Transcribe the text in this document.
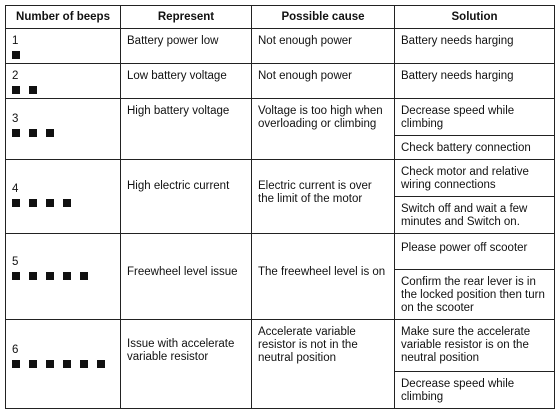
Number of beeps	Represent	Possible cause	Solution

1	Battery power low	Not enough power	Battery needs harging

2	Low battery voltage	Not enough power	Battery needs harging

3	High battery voltage	Voltage is too high when overloading or climbing	Decrease speed while climbing
			Check battery connection

4	High electric current	Electric current is over the limit of the motor	Check motor and relative wiring connections
			Switch off and wait a few minutes and Switch on.

5	Freewheel level issue	The freewheel level is on	Please power off scooter
			Confirm the rear lever is in the locked position then turn on the scooter

6	Issue with accelerate variable resistor	Accelerate variable resistor is not in the neutral position	Make sure the accelerate variable resistor is on the neutral position
			Decrease speed while climbing
